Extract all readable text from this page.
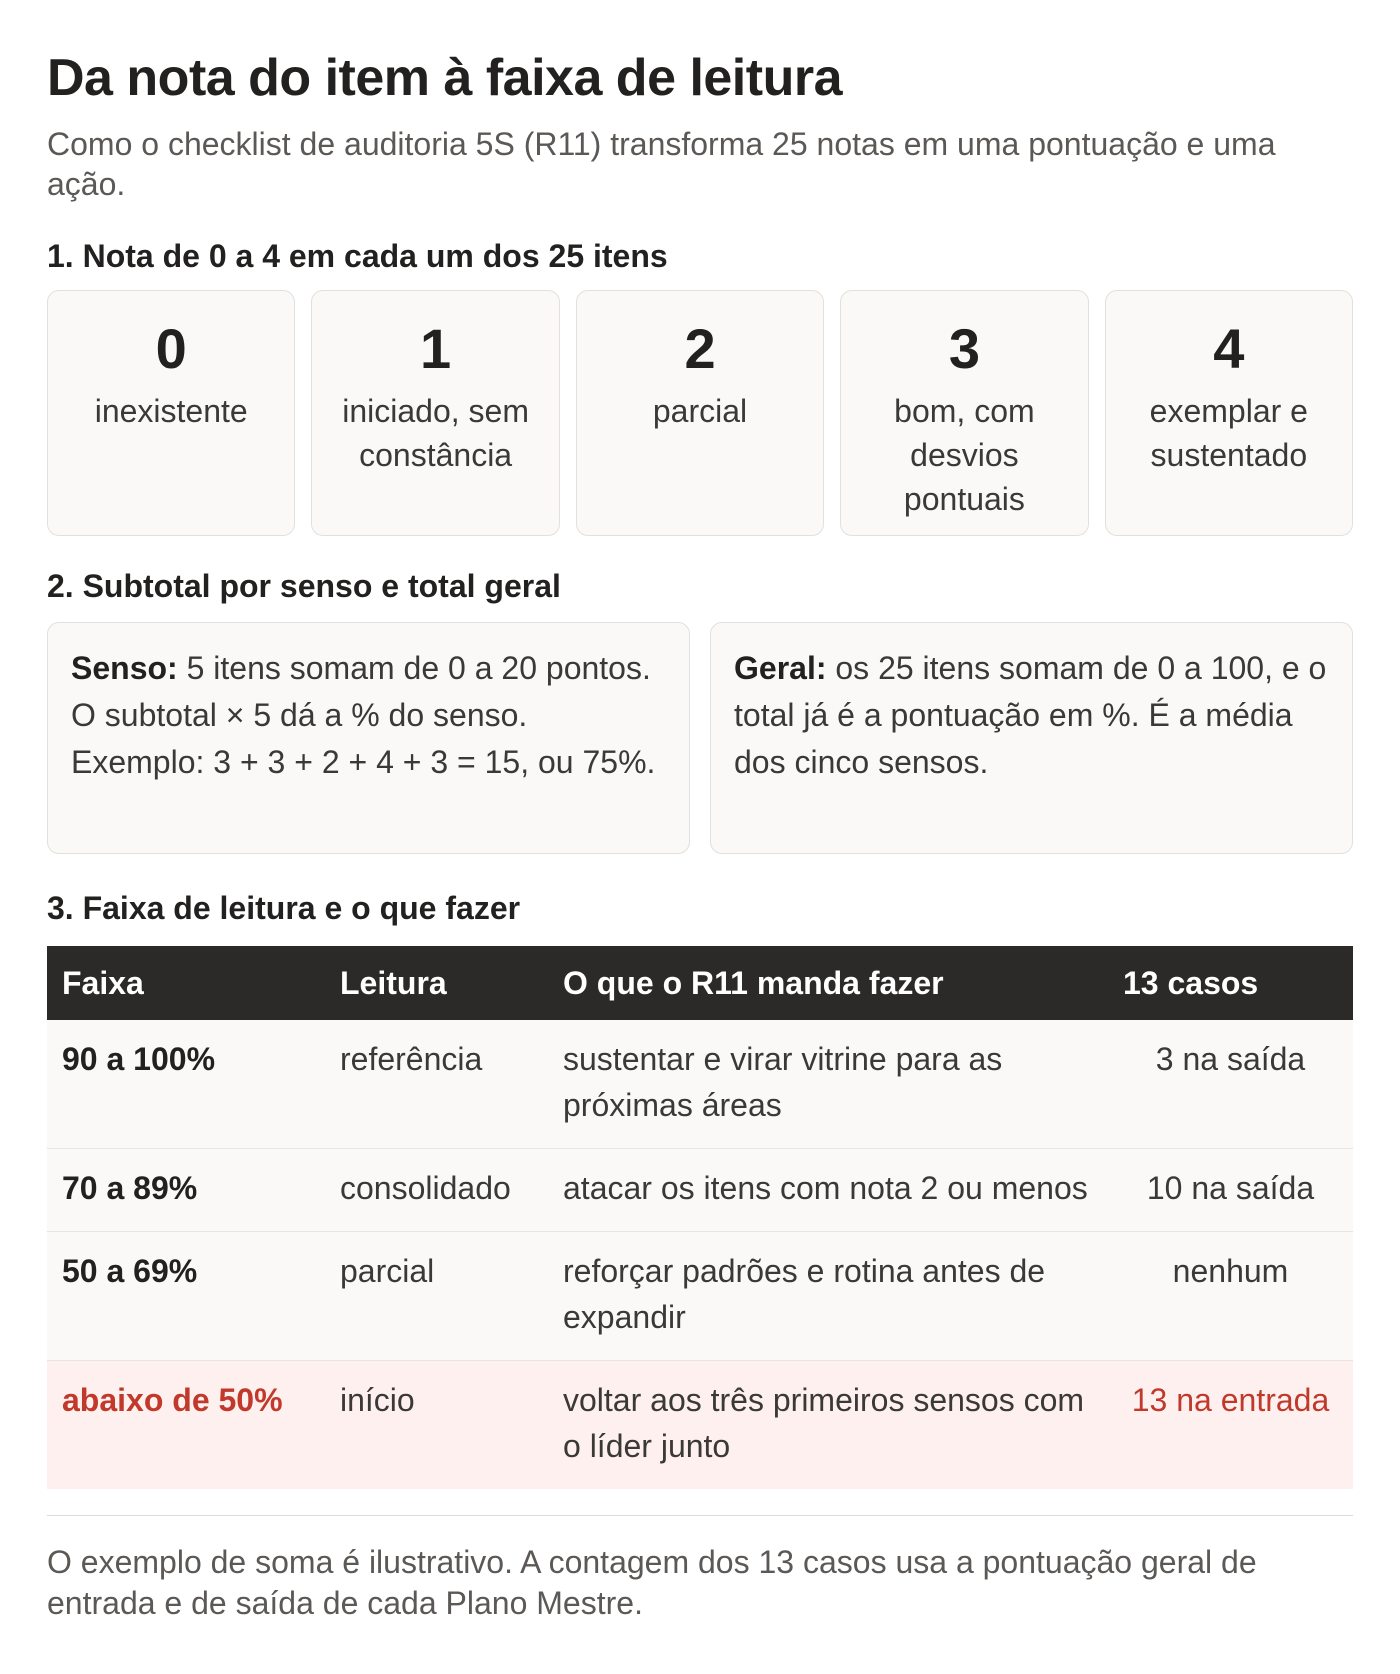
Da nota do item à faixa de leitura

Como o checklist de auditoria 5S (R11) transforma 25 notas em uma pontuação e uma ação.

1. Nota de 0 a 4 em cada um dos 25 itens
0
inexistente
1
iniciado, sem constância
2
parcial
3
bom, com desvios pontuais
4
exemplar e sustentado
2. Subtotal por senso e total geral
Senso: 5 itens somam de 0 a 20 pontos. O subtotal × 5 dá a % do senso. Exemplo: 3 + 3 + 2 + 4 + 3 = 15, ou 75%.
Geral: os 25 itens somam de 0 a 100, e o total já é a pontuação em %. É a média dos cinco sensos.
3. Faixa de leitura e o que fazer
Faixa	Leitura	O que o R11 manda fazer	13 casos
90 a 100%	referência	sustentar e virar vitrine para as próximas áreas	3 na saída
70 a 89%	consolidado	atacar os itens com nota 2 ou menos	10 na saída
50 a 69%	parcial	reforçar padrões e rotina antes de expandir	nenhum
abaixo de 50%	início	voltar aos três primeiros sensos com o líder junto	13 na entrada

O exemplo de soma é ilustrativo. A contagem dos 13 casos usa a pontuação geral de entrada e de saída de cada Plano Mestre.
